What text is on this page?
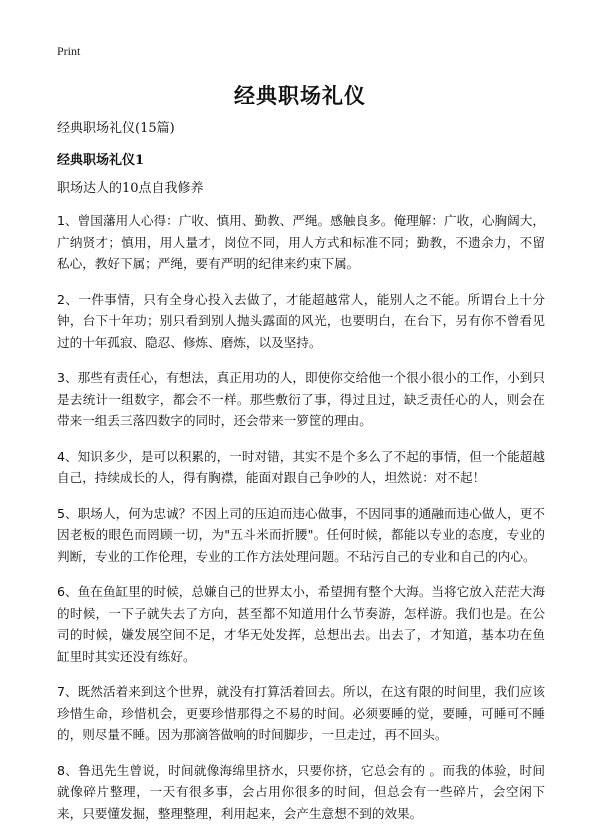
Print
经典职场礼仪

经典职场礼仪(15篇)

经典职场礼仪1

职场达人的10点自我修养

1、曾国藩用人心得：广收、慎用、勤教、严绳。感触良多。俺理解：广收，心胸阔大，广纳贤才；慎用，用人量才，岗位不同，用人方式和标准不同；勤教，不遗余力，不留私心，教好下属；严绳，要有严明的纪律来约束下属。

2、一件事情，只有全身心投入去做了，才能超越常人，能别人之不能。所谓台上十分钟，台下十年功；别只看到别人抛头露面的风光，也要明白，在台下，另有你不曾看见过的十年孤寂、隐忍、修炼、磨炼，以及坚持。

3、那些有责任心，有想法，真正用功的人，即使你交给他一个很小很小的工作，小到只是去统计一组数字，都会不一样。那些敷衍了事，得过且过，缺乏责任心的人，则会在带来一组丢三落四数字的同时，还会带来一箩筐的理由。

4、知识多少，是可以积累的，一时对错，其实不是个多么了不起的事情，但一个能超越自己，持续成长的人，得有胸襟，能面对跟自己争吵的人，坦然说：对不起！

5、职场人，何为忠诚？不因上司的压迫而违心做事，不因同事的通融而违心做人，更不因老板的眼色而罔顾一切，为"五斗米而折腰"。任何时候，都能以专业的态度，专业的判断，专业的工作伦理，专业的工作方法处理问题。不玷污自己的专业和自己的内心。

6、鱼在鱼缸里的时候，总嫌自己的世界太小，希望拥有整个大海。当将它放入茫茫大海的时候，一下子就失去了方向，甚至都不知道用什么节奏游，怎样游。我们也是。在公司的时候，嫌发展空间不足，才华无处发挥，总想出去。出去了，才知道，基本功在鱼缸里时其实还没有练好。

7、既然活着来到这个世界，就没有打算活着回去。所以，在这有限的时间里，我们应该珍惜生命，珍惜机会，更要珍惜那得之不易的时间。必须要睡的觉，要睡，可睡可不睡的，则尽量不睡。因为那滴答做响的时间脚步，一旦走过，再不回头。

8、鲁迅先生曾说，时间就像海绵里挤水，只要你挤，它总会有的 。而我的体验，时间就像碎片整理，一天有很多事，会占用你很多的时间，但总会有一些碎片，会空闲下来，只要懂发掘，整理整理，利用起来，会产生意想不到的效果。
